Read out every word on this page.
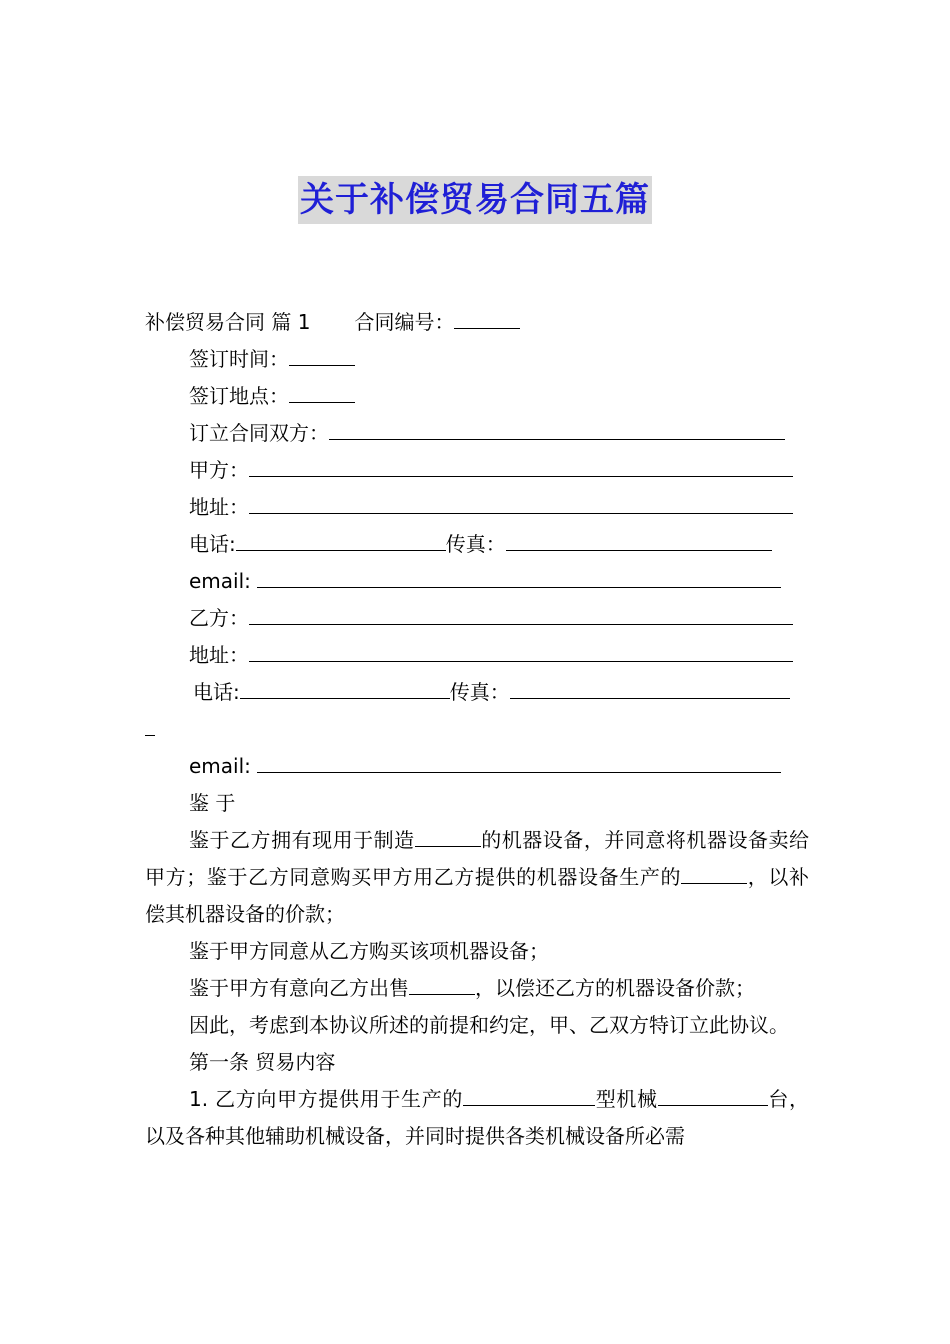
关于补偿贸易合同五篇
补偿贸易合同 篇 1 合同编号：
签订时间：
签订地点：
订立合同双方：
甲方：
地址：
电话:	传真：
email:
乙方：
地址：
电话:	传真：
email:
鉴 于
鉴于乙方拥有现用于制造	的机器设备，并同意将机器设备卖给甲方；鉴于乙方同意购买甲方用乙方提供的机器设备生产的	，以补偿其机器设备的价款；
鉴于甲方同意从乙方购买该项机器设备；
鉴于甲方有意向乙方出售	，以偿还乙方的机器设备价款；
因此，考虑到本协议所述的前提和约定，甲、乙双方特订立此协议。
第一条 贸易内容
1. 乙方向甲方提供用于生产的	型机械	台，以及各种其他辅助机械设备，并同时提供各类机械设备所必需
